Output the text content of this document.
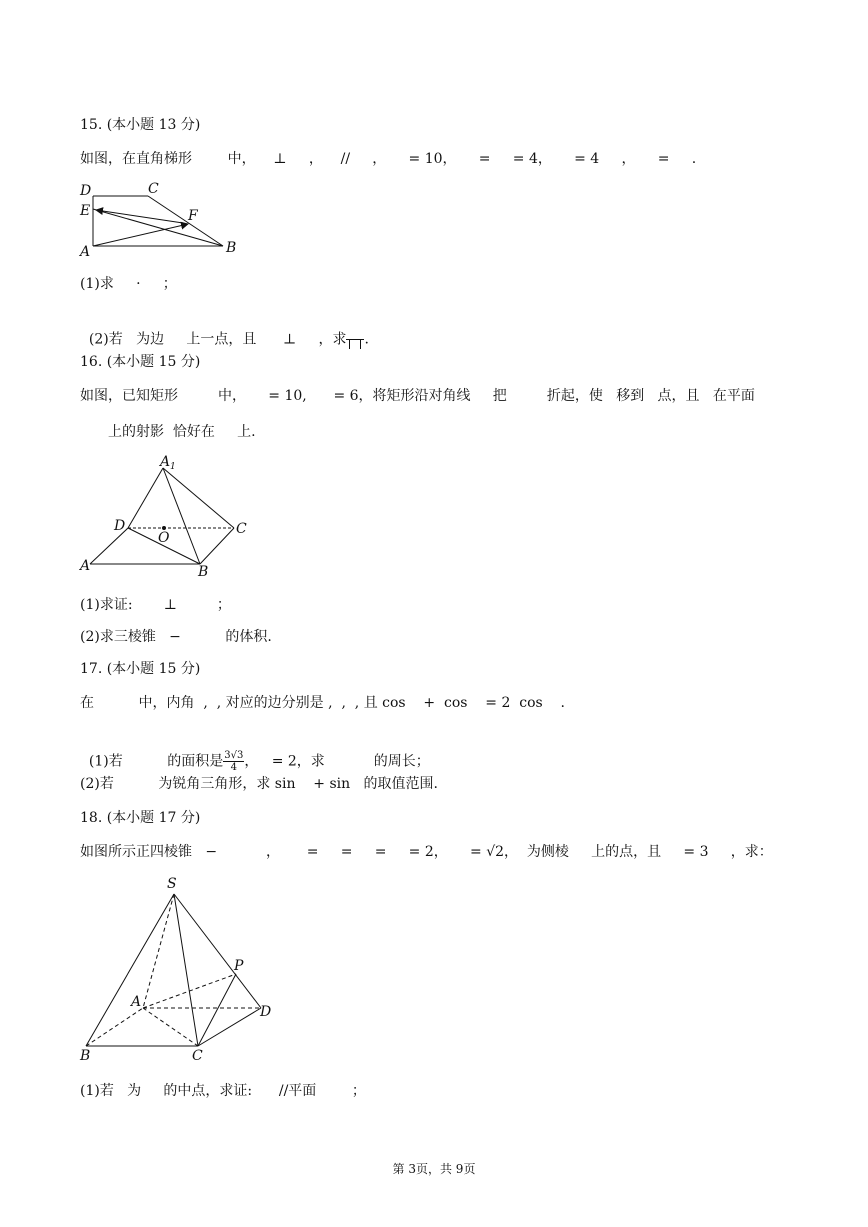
15. (本小题 13 分)
如图，在直角梯形        中，    ⊥     ，    //     ，     = 10，     =     = 4，     = 4     ，     =     .
D	C
E	F
A	B
(1)求     ·     ；

(2)若   为边     上一点，且      ⊥     ，求 .

16. (本小题 15 分)
如图，已知矩形         中，     = 10,      = 6，将矩形沿对角线     把         折起，使   移到   点，且   在平面
上的射影  恰好在     上.
A 1
D
O
C
A	B
(1)求证:       ⊥         ；
(2)求三棱锥   −          的体积.
17. (本小题 15 分)
在          中，内角  ,  , 对应的边分别是 ,  ,  , 且 cos    +  cos    = 2  cos    .

(1)若          的面积是 $\frac{3√3}{4}$ ，   = 2，求           的周长；

(2)若          为锐角三角形，求 sin    + sin   的取值范围.
18. (本小题 17 分)
如图所示正四棱锥   −           ，      =     =     =     = 2，     = √2，  为侧棱     上的点，且     = 3     ，求：
S
P
A
D
B	C
(1)若   为     的中点，求证:      //平面        ；
第 3页，共 9页
